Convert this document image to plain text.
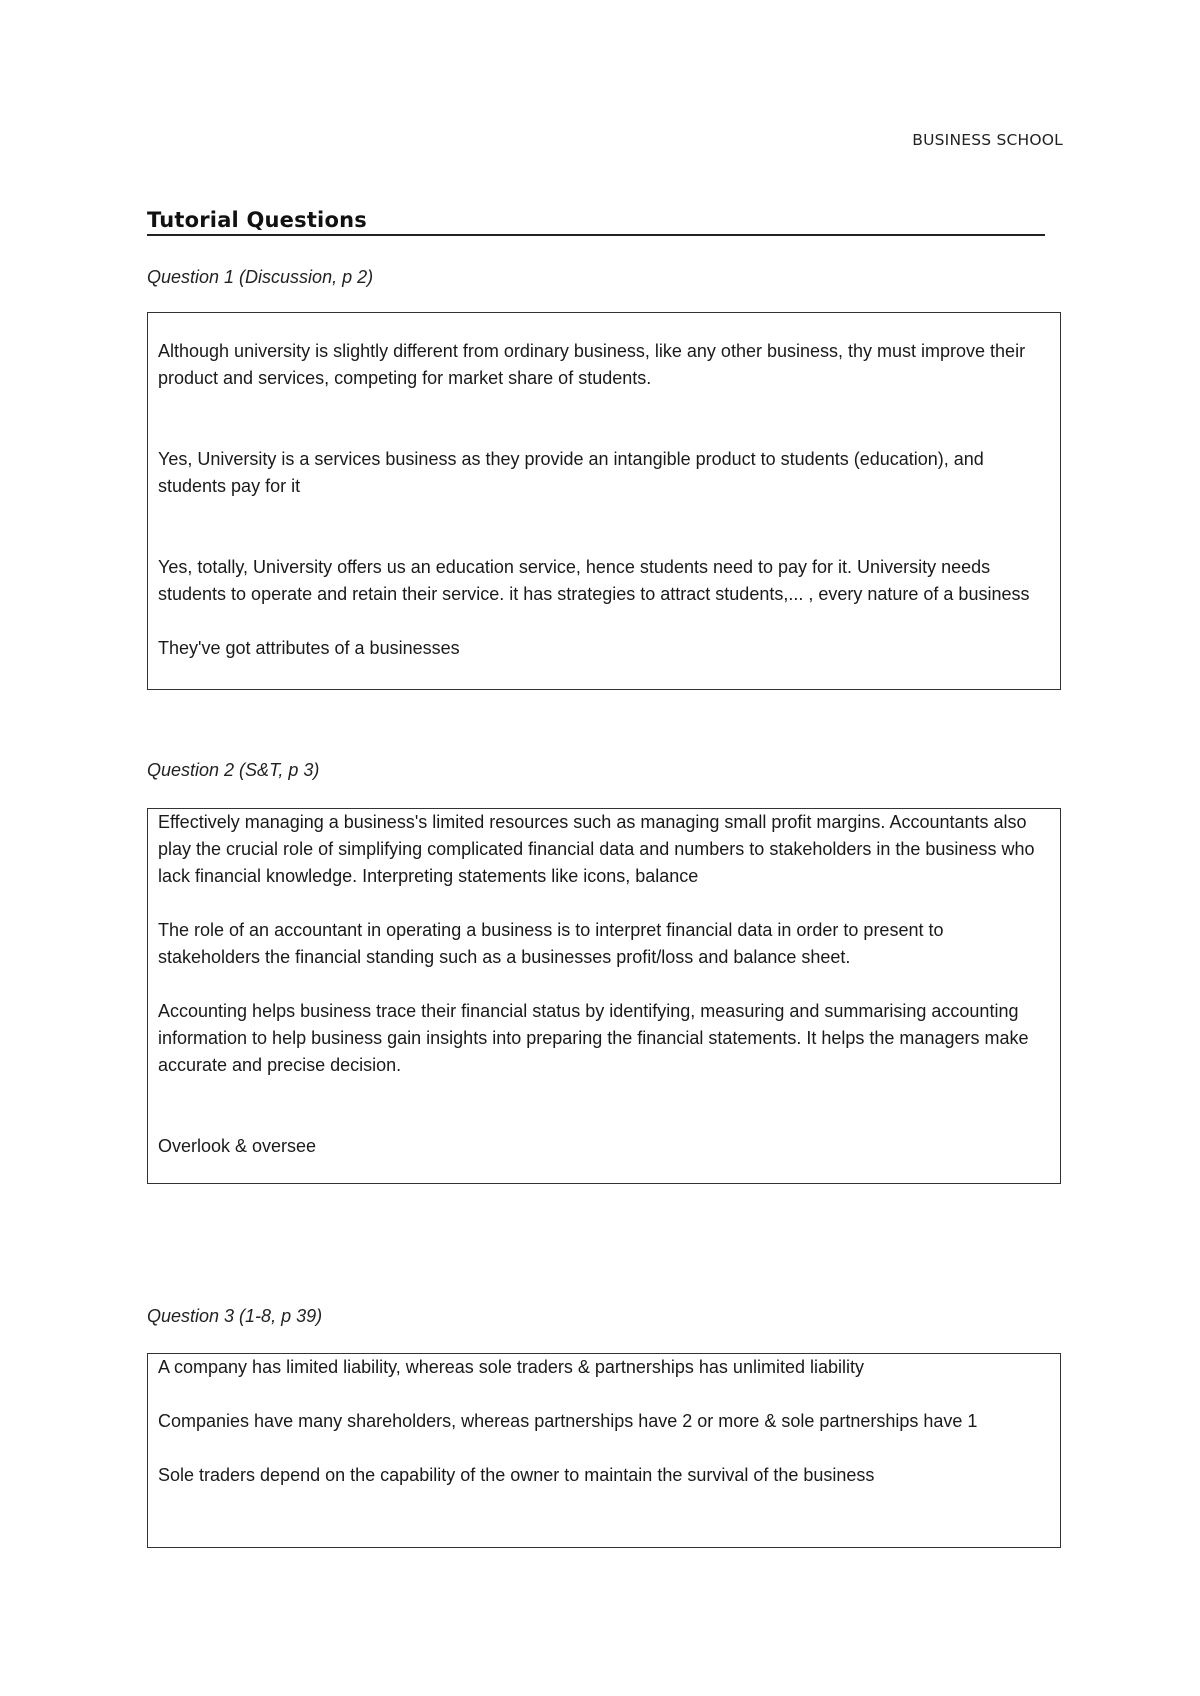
BUSINESS SCHOOL
Tutorial Questions
Question 1 (Discussion, p 2)

Although university is slightly different from ordinary business, like any other business, thy must improve their product and services, competing for market share of students.

Yes, University is a services business as they provide an intangible product to students (education), and students pay for it

Yes, totally, University offers us an education service, hence students need to pay for it. University needs students to operate and retain their service. it has strategies to attract students,... , every nature of a business

They've got attributes of a businesses

Question 2 (S&T, p 3)

Effectively managing a business's limited resources such as managing small profit margins. Accountants also play the crucial role of simplifying complicated financial data and numbers to stakeholders in the business who lack financial knowledge. Interpreting statements like icons, balance

The role of an accountant in operating a business is to interpret financial data in order to present to stakeholders the financial standing such as a businesses profit/loss and balance sheet.

Accounting helps business trace their financial status by identifying, measuring and summarising accounting information to help business gain insights into preparing the financial statements. It helps the managers make accurate and precise decision.

Overlook & oversee

Question 3 (1-8, p 39)

A company has limited liability, whereas sole traders & partnerships has unlimited liability

Companies have many shareholders, whereas partnerships have 2 or more & sole partnerships have 1

Sole traders depend on the capability of the owner to maintain the survival of the business
